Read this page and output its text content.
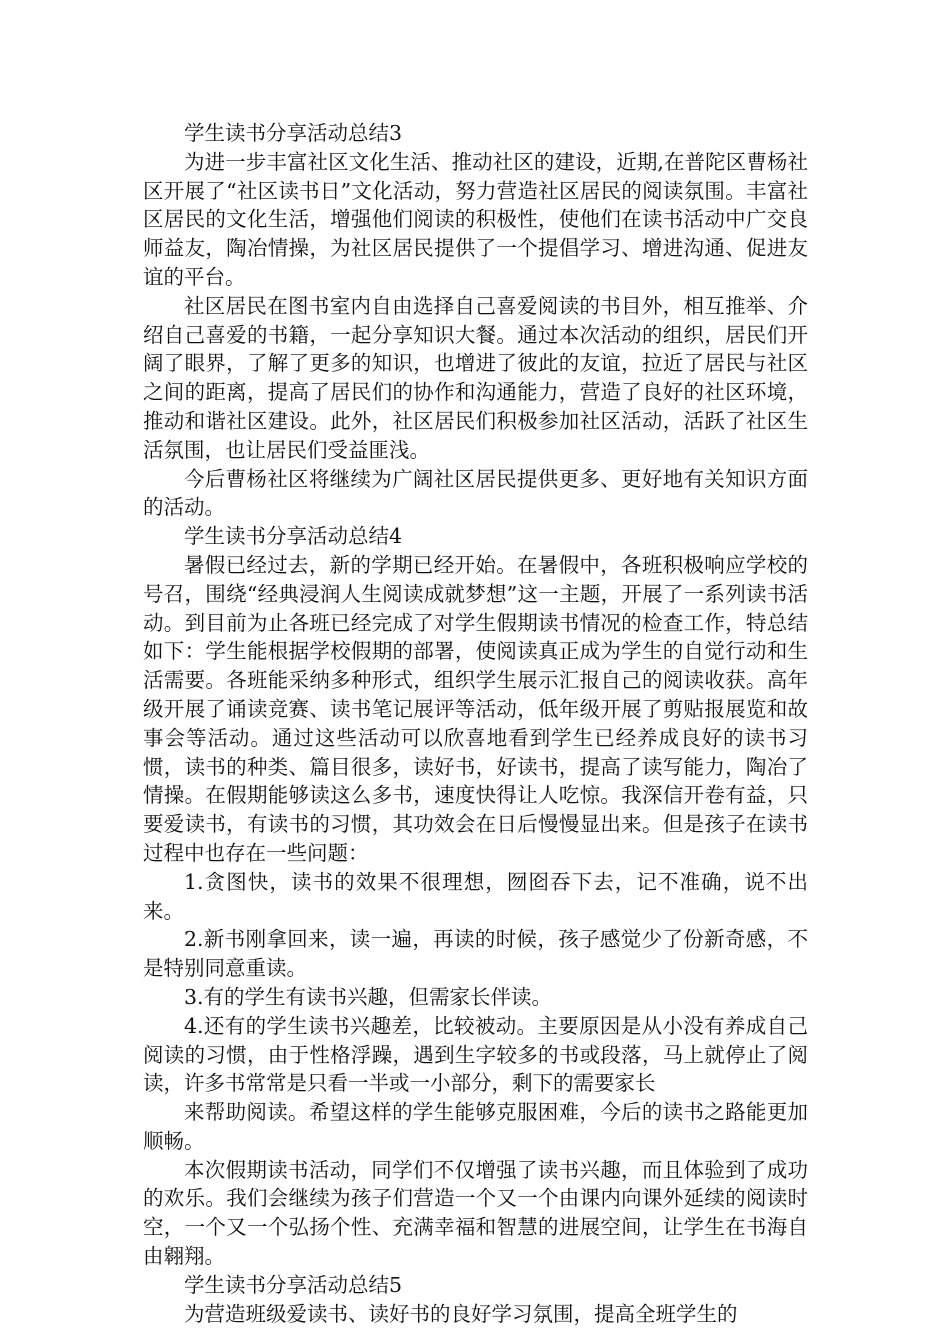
学生读书分享活动总结3

为进一步丰富社区文化生活、推动社区的建设，近期,在普陀区曹杨社区开展了“社区读书日”文化活动，努力营造社区居民的阅读氛围。丰富社区居民的文化生活，增强他们阅读的积极性，使他们在读书活动中广交良师益友，陶冶情操，为社区居民提供了一个提倡学习、增进沟通、促进友谊的平台。

社区居民在图书室内自由选择自己喜爱阅读的书目外，相互推举、介绍自己喜爱的书籍，一起分享知识大餐。通过本次活动的组织，居民们开阔了眼界，了解了更多的知识，也增进了彼此的友谊，拉近了居民与社区之间的距离，提高了居民们的协作和沟通能力，营造了良好的社区环境，推动和谐社区建设。此外，社区居民们积极参加社区活动，活跃了社区生活氛围，也让居民们受益匪浅。

今后曹杨社区将继续为广阔社区居民提供更多、更好地有关知识方面的活动。

学生读书分享活动总结4

暑假已经过去，新的学期已经开始。在暑假中，各班积极响应学校的号召，围绕“经典浸润人生阅读成就梦想”这一主题，开展了一系列读书活动。到目前为止各班已经完成了对学生假期读书情况的检查工作，特总结如下：学生能根据学校假期的部署，使阅读真正成为学生的自觉行动和生活需要。各班能采纳多种形式，组织学生展示汇报自己的阅读收获。高年级开展了诵读竞赛、读书笔记展评等活动，低年级开展了剪贴报展览和故事会等活动。通过这些活动可以欣喜地看到学生已经养成良好的读书习惯，读书的种类、篇目很多，读好书，好读书，提高了读写能力，陶冶了情操。在假期能够读这么多书，速度快得让人吃惊。我深信开卷有益，只要爱读书，有读书的习惯，其功效会在日后慢慢显出来。但是孩子在读书过程中也存在一些问题：

1.贪图快，读书的效果不很理想，囫囵吞下去，记不准确，说不出来。

2.新书刚拿回来，读一遍，再读的时候，孩子感觉少了份新奇感，不是特别同意重读。

3.有的学生有读书兴趣，但需家长伴读。

4.还有的学生读书兴趣差，比较被动。主要原因是从小没有养成自己阅读的习惯，由于性格浮躁，遇到生字较多的书或段落，马上就停止了阅读，许多书常常是只看一半或一小部分，剩下的需要家长

来帮助阅读。希望这样的学生能够克服困难，今后的读书之路能更加顺畅。

本次假期读书活动，同学们不仅增强了读书兴趣，而且体验到了成功的欢乐。我们会继续为孩子们营造一个又一个由课内向课外延续的阅读时空，一个又一个弘扬个性、充满幸福和智慧的进展空间，让学生在书海自由翱翔。

学生读书分享活动总结5

为营造班级爱读书、读好书的良好学习氛围，提高全班学生的
